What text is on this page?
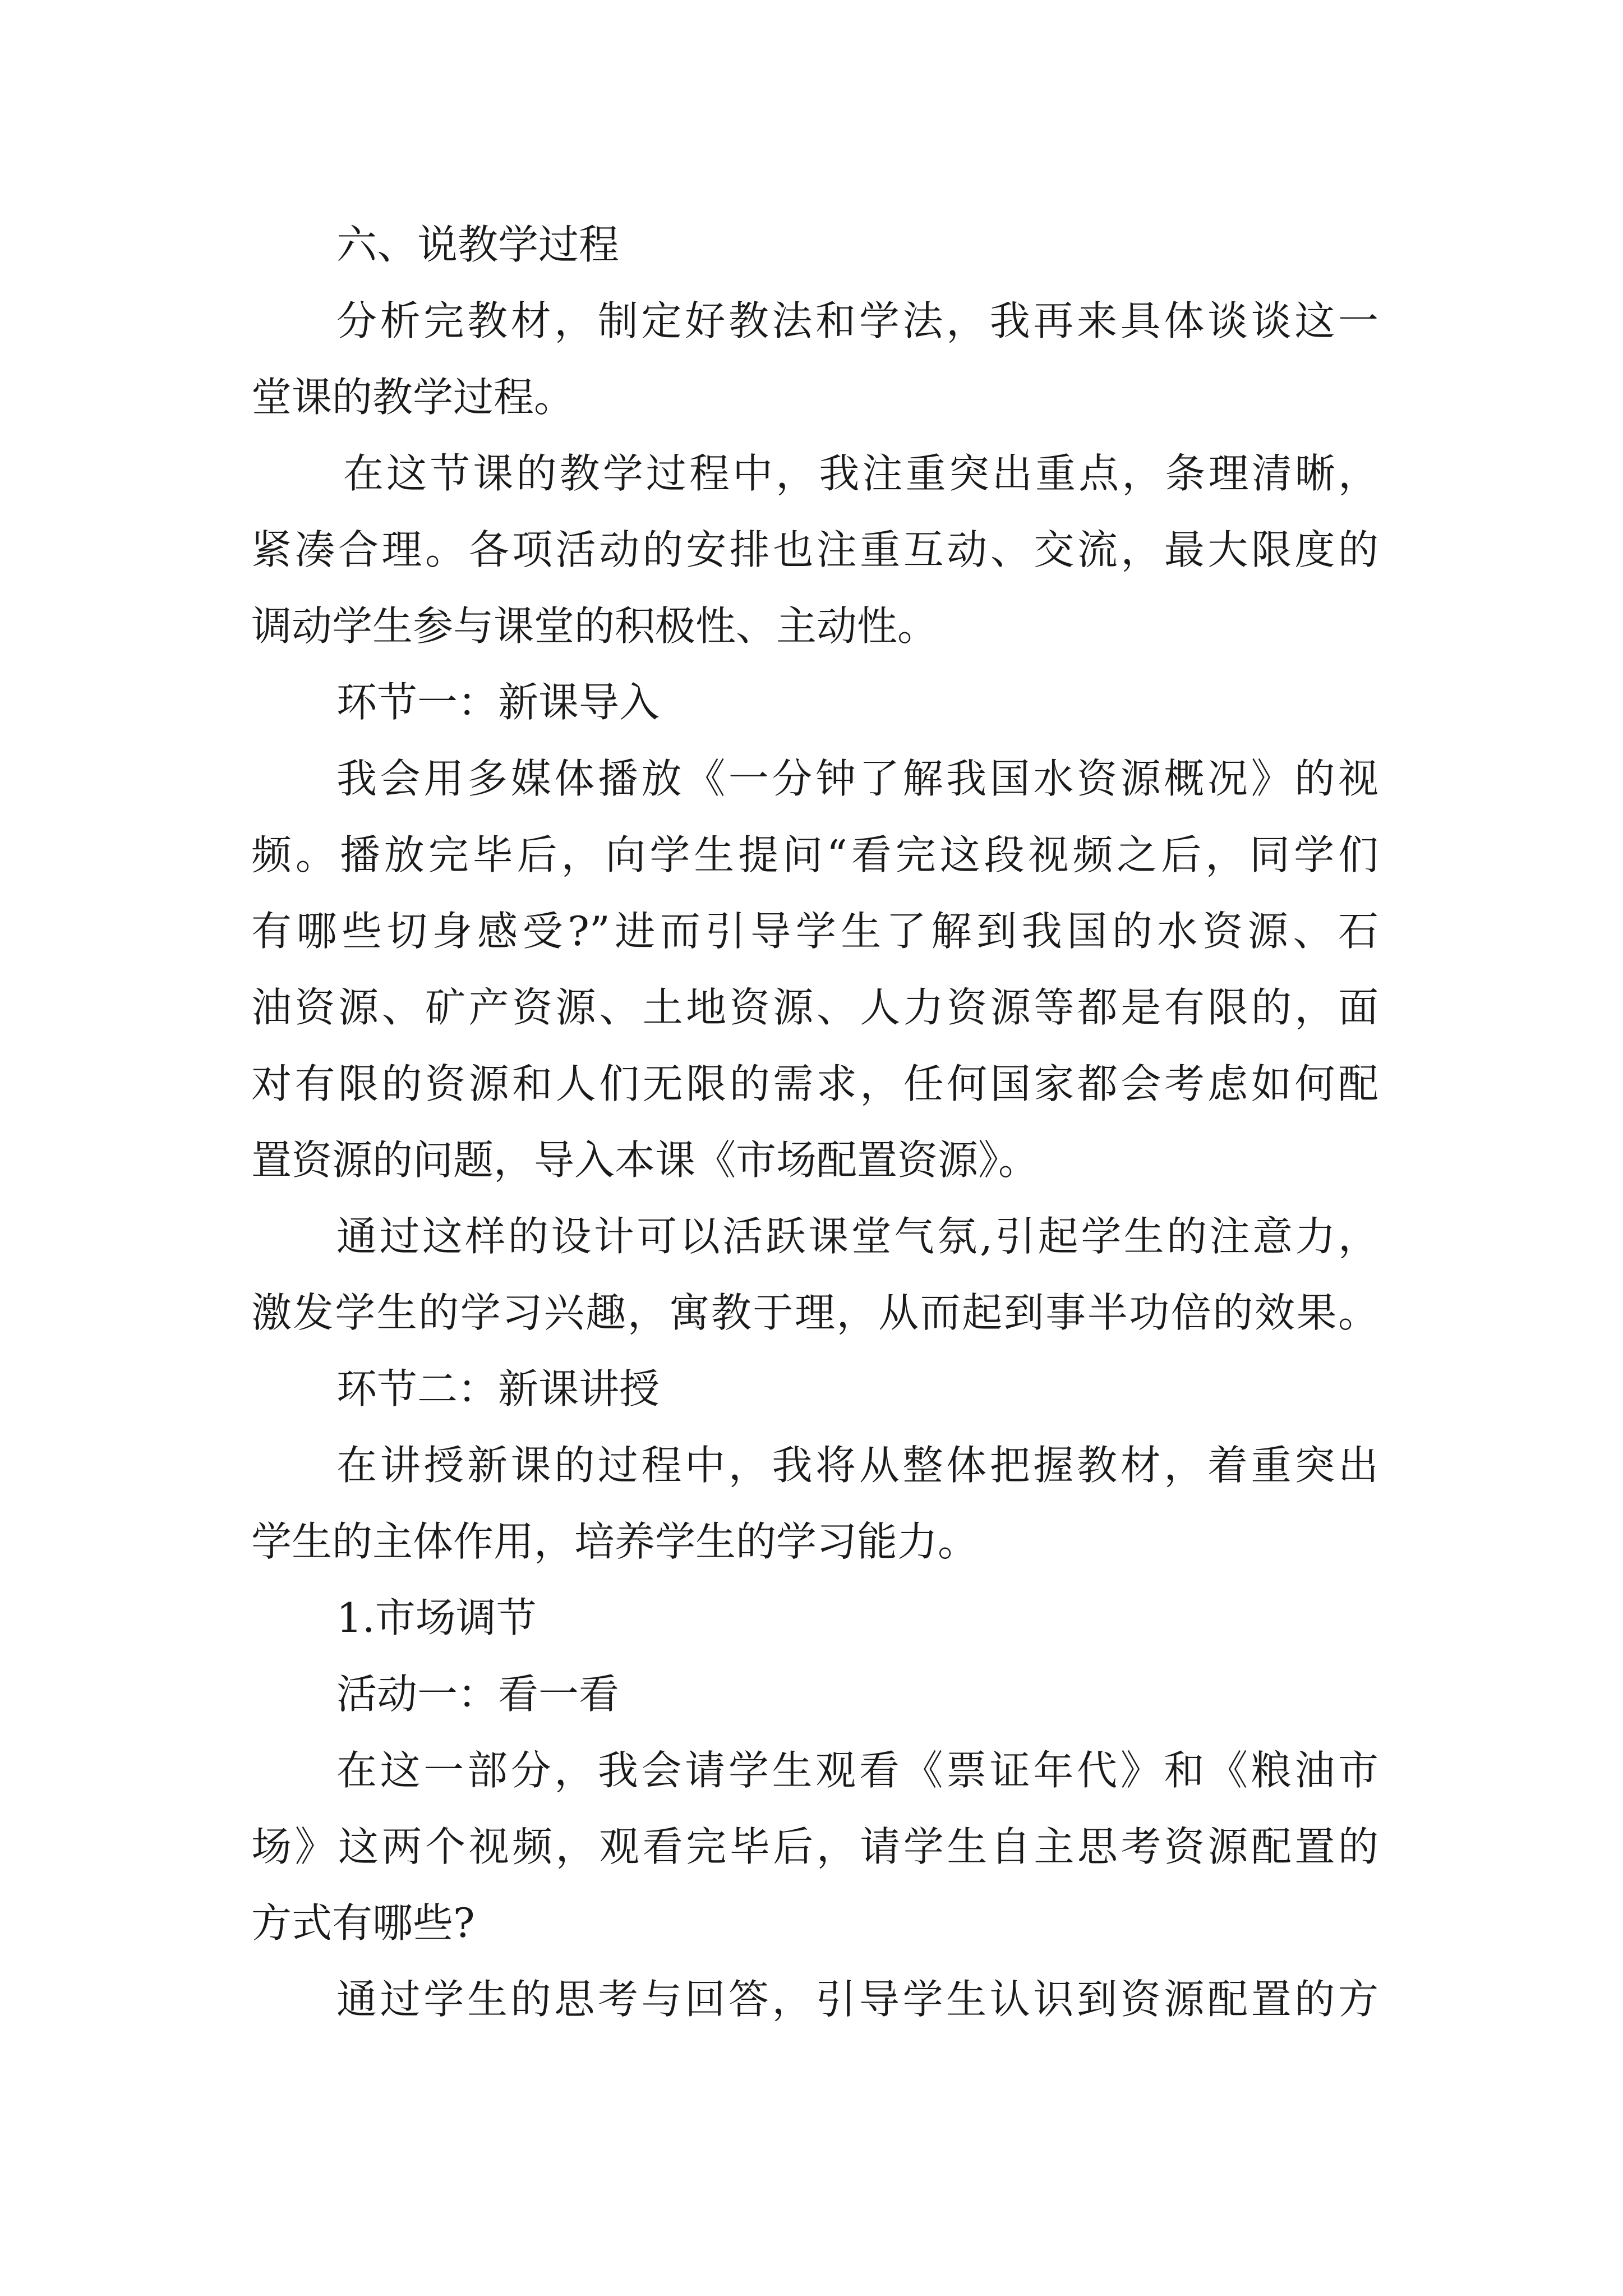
六、说教学过程
分析完教材，制定好教法和学法，我再来具体谈谈这一
堂课的教学过程。
在这节课的教学过程中，我注重突出重点，条理清晰，
紧凑合理。各项活动的安排也注重互动、交流，最大限度的
调动学生参与课堂的积极性、主动性。
环节一：新课导入
我会用多媒体播放《一分钟了解我国水资源概况》的视
频。播放完毕后，向学生提问“看完这段视频之后，同学们
有哪些切身感受?”进而引导学生了解到我国的水资源、石
油资源、矿产资源、土地资源、人力资源等都是有限的，面
对有限的资源和人们无限的需求，任何国家都会考虑如何配
置资源的问题，导入本课《市场配置资源》。
通过这样的设计可以活跃课堂气氛,引起学生的注意力，
激发学生的学习兴趣，寓教于理，从而起到事半功倍的效果。
环节二：新课讲授
在讲授新课的过程中，我将从整体把握教材，着重突出
学生的主体作用，培养学生的学习能力。
1.市场调节
活动一：看一看
在这一部分，我会请学生观看《票证年代》和《粮油市
场》这两个视频，观看完毕后，请学生自主思考资源配置的
方式有哪些?
通过学生的思考与回答，引导学生认识到资源配置的方
